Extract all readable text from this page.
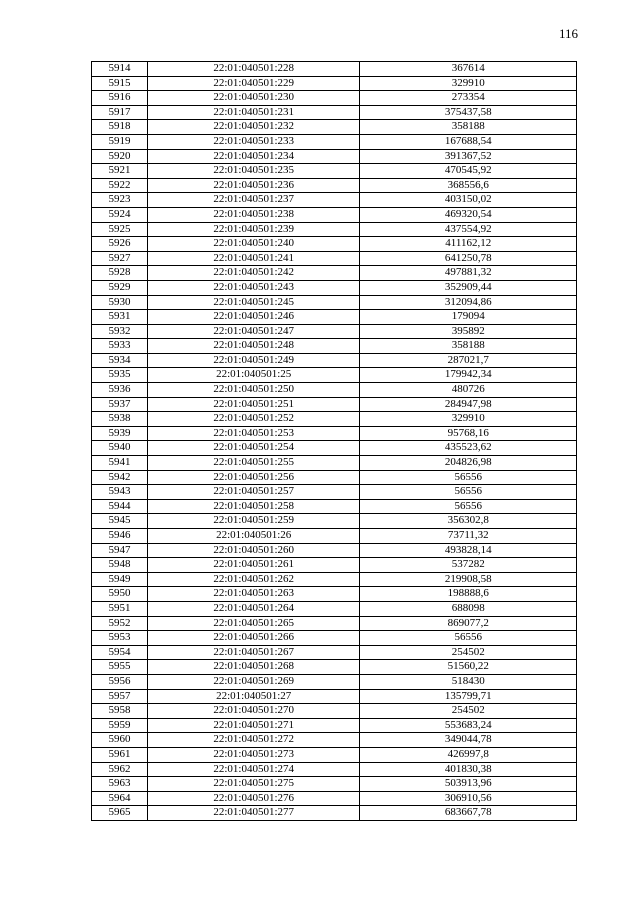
116
5914	22:01:040501:228	367614
5915	22:01:040501:229	329910
5916	22:01:040501:230	273354
5917	22:01:040501:231	375437,58
5918	22:01:040501:232	358188
5919	22:01:040501:233	167688,54
5920	22:01:040501:234	391367,52
5921	22:01:040501:235	470545,92
5922	22:01:040501:236	368556,6
5923	22:01:040501:237	403150,02
5924	22:01:040501:238	469320,54
5925	22:01:040501:239	437554,92
5926	22:01:040501:240	411162,12
5927	22:01:040501:241	641250,78
5928	22:01:040501:242	497881,32
5929	22:01:040501:243	352909,44
5930	22:01:040501:245	312094,86
5931	22:01:040501:246	179094
5932	22:01:040501:247	395892
5933	22:01:040501:248	358188
5934	22:01:040501:249	287021,7
5935	22:01:040501:25	179942,34
5936	22:01:040501:250	480726
5937	22:01:040501:251	284947,98
5938	22:01:040501:252	329910
5939	22:01:040501:253	95768,16
5940	22:01:040501:254	435523,62
5941	22:01:040501:255	204826,98
5942	22:01:040501:256	56556
5943	22:01:040501:257	56556
5944	22:01:040501:258	56556
5945	22:01:040501:259	356302,8
5946	22:01:040501:26	73711,32
5947	22:01:040501:260	493828,14
5948	22:01:040501:261	537282
5949	22:01:040501:262	219908,58
5950	22:01:040501:263	198888,6
5951	22:01:040501:264	688098
5952	22:01:040501:265	869077,2
5953	22:01:040501:266	56556
5954	22:01:040501:267	254502
5955	22:01:040501:268	51560,22
5956	22:01:040501:269	518430
5957	22:01:040501:27	135799,71
5958	22:01:040501:270	254502
5959	22:01:040501:271	553683,24
5960	22:01:040501:272	349044,78
5961	22:01:040501:273	426997,8
5962	22:01:040501:274	401830,38
5963	22:01:040501:275	503913,96
5964	22:01:040501:276	306910,56
5965	22:01:040501:277	683667,78
